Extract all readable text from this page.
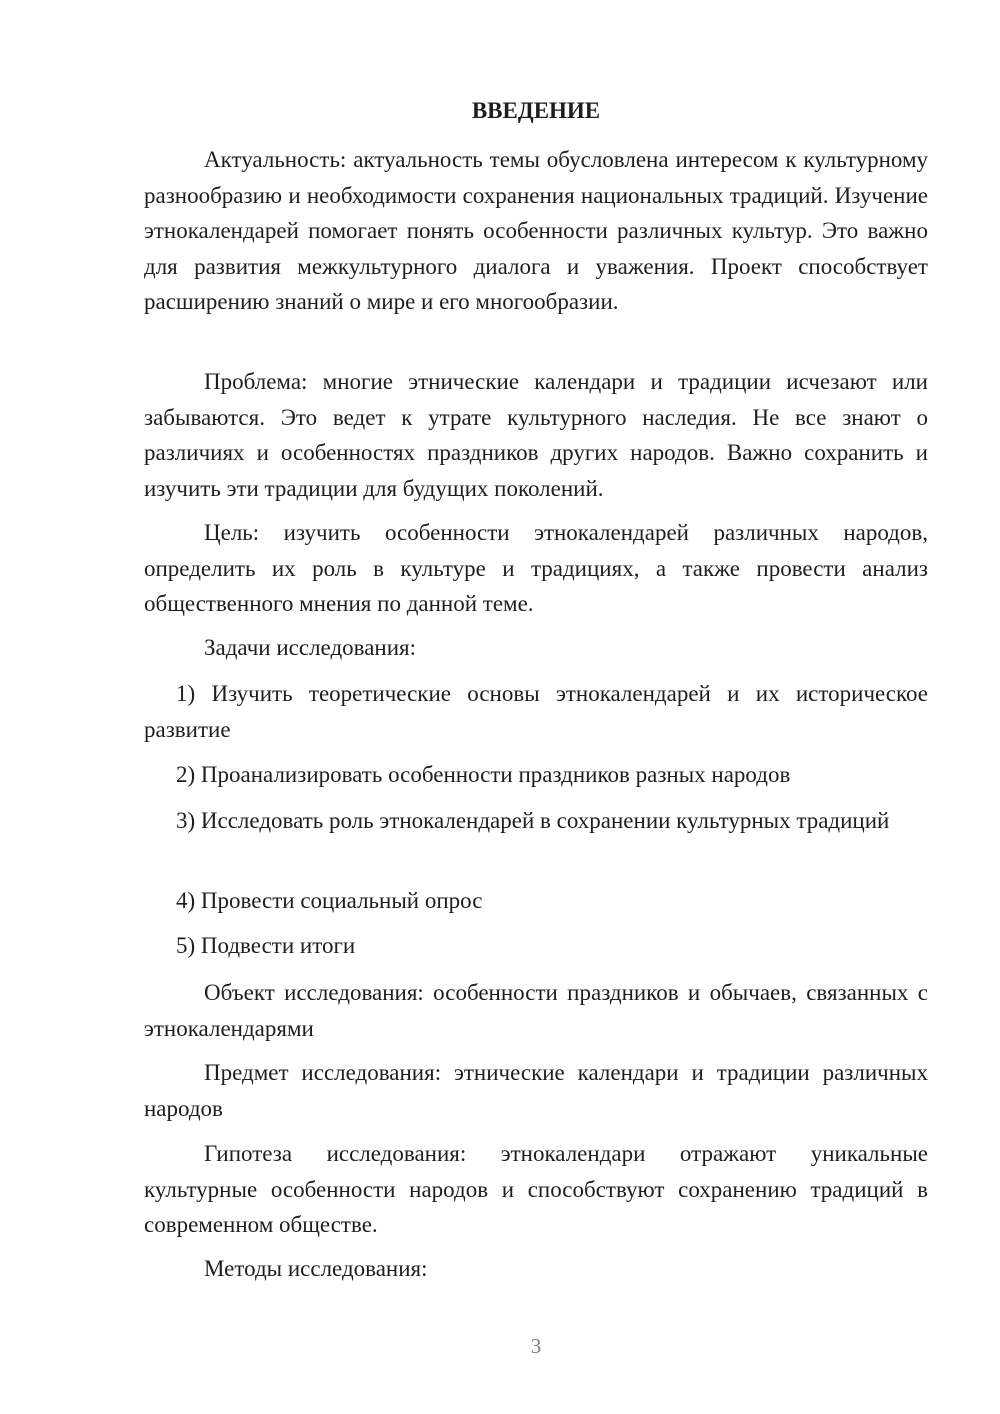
ВВЕДЕНИЕ

Актуальность: актуальность темы обусловлена интересом к культурному разнообразию и необходимости сохранения национальных традиций. Изучение этнокалендарей помогает понять особенности различных культур. Это важно для развития межкультурного диалога и уважения. Проект способствует расширению знаний о мире и его многообразии.

Проблема: многие этнические календари и традиции исчезают или забываются. Это ведет к утрате культурного наследия. Не все знают о различиях и особенностях праздников других народов. Важно сохранить и изучить эти традиции для будущих поколений.

Цель: изучить особенности этнокалендарей различных народов, определить их роль в культуре и традициях, а также провести анализ общественного мнения по данной теме.

Задачи исследования:

1) Изучить теоретические основы этнокалендарей и их историческое развитие

2) Проанализировать особенности праздников разных народов

3) Исследовать роль этнокалендарей в сохранении культурных традиций

4) Провести социальный опрос

5) Подвести итоги

Объект исследования: особенности праздников и обычаев, связанных с этнокалендарями

Предмет исследования: этнические календари и традиции различных народов

Гипотеза исследования: этнокалендари отражают уникальные культурные особенности народов и способствуют сохранению традиций в современном обществе.

Методы исследования:

3
